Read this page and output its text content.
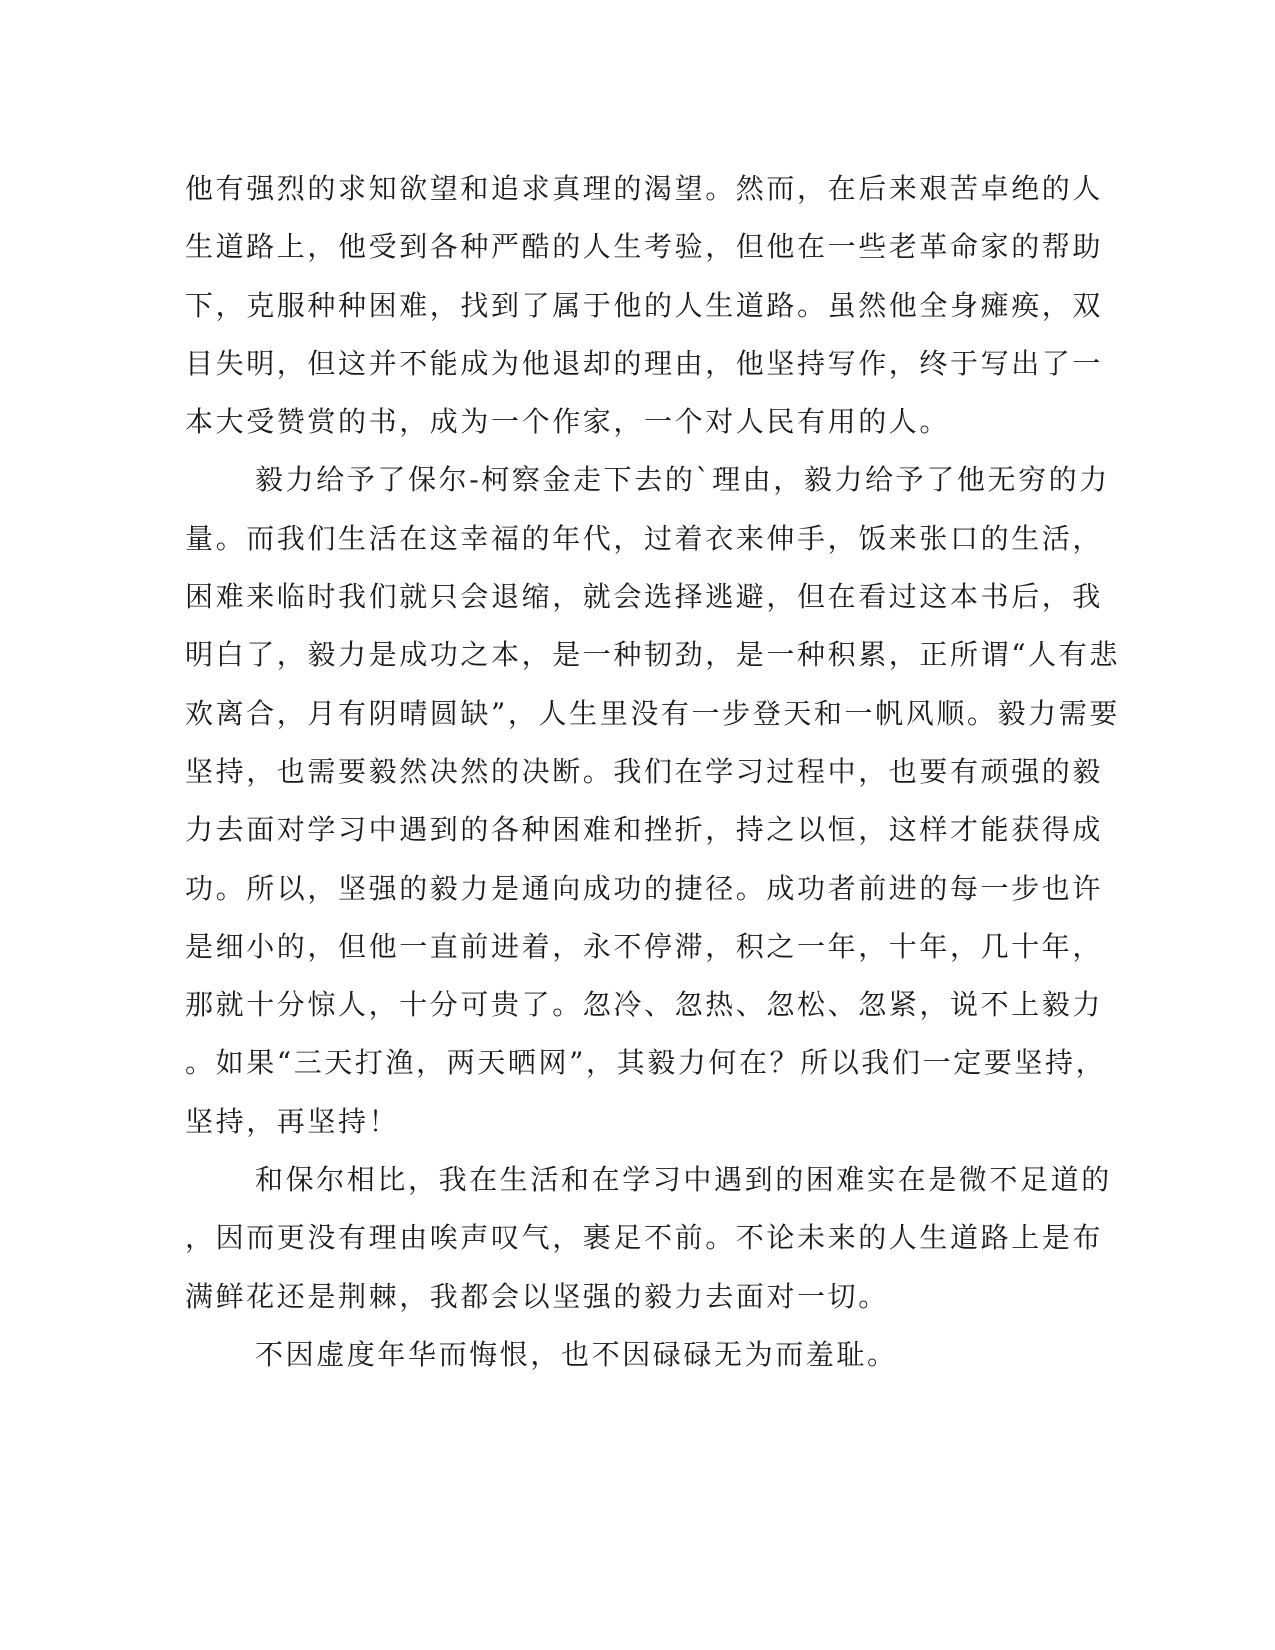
他有强烈的求知欲望和追求真理的渴望。然而，在后来艰苦卓绝的人
生道路上，他受到各种严酷的人生考验，但他在一些老革命家的帮助
下，克服种种困难，找到了属于他的人生道路。虽然他全身瘫痪，双
目失明，但这并不能成为他退却的理由，他坚持写作，终于写出了一
本大受赞赏的书，成为一个作家，一个对人民有用的人。
毅力给予了保尔-柯察金走下去的`理由，毅力给予了他无穷的力
量。而我们生活在这幸福的年代，过着衣来伸手，饭来张口的生活，
困难来临时我们就只会退缩，就会选择逃避，但在看过这本书后，我
明白了，毅力是成功之本，是一种韧劲，是一种积累，正所谓“人有悲
欢离合，月有阴晴圆缺”，人生里没有一步登天和一帆风顺。毅力需要
坚持，也需要毅然决然的决断。我们在学习过程中，也要有顽强的毅
力去面对学习中遇到的各种困难和挫折，持之以恒，这样才能获得成
功。所以，坚强的毅力是通向成功的捷径。成功者前进的每一步也许
是细小的，但他一直前进着，永不停滞，积之一年，十年，几十年，
那就十分惊人，十分可贵了。忽冷、忽热、忽松、忽紧，说不上毅力
。如果“三天打渔，两天晒网”，其毅力何在？所以我们一定要坚持，
坚持，再坚持！
和保尔相比，我在生活和在学习中遇到的困难实在是微不足道的
，因而更没有理由唉声叹气，裹足不前。不论未来的人生道路上是布
满鲜花还是荆棘，我都会以坚强的毅力去面对一切。
不因虚度年华而悔恨，也不因碌碌无为而羞耻。
